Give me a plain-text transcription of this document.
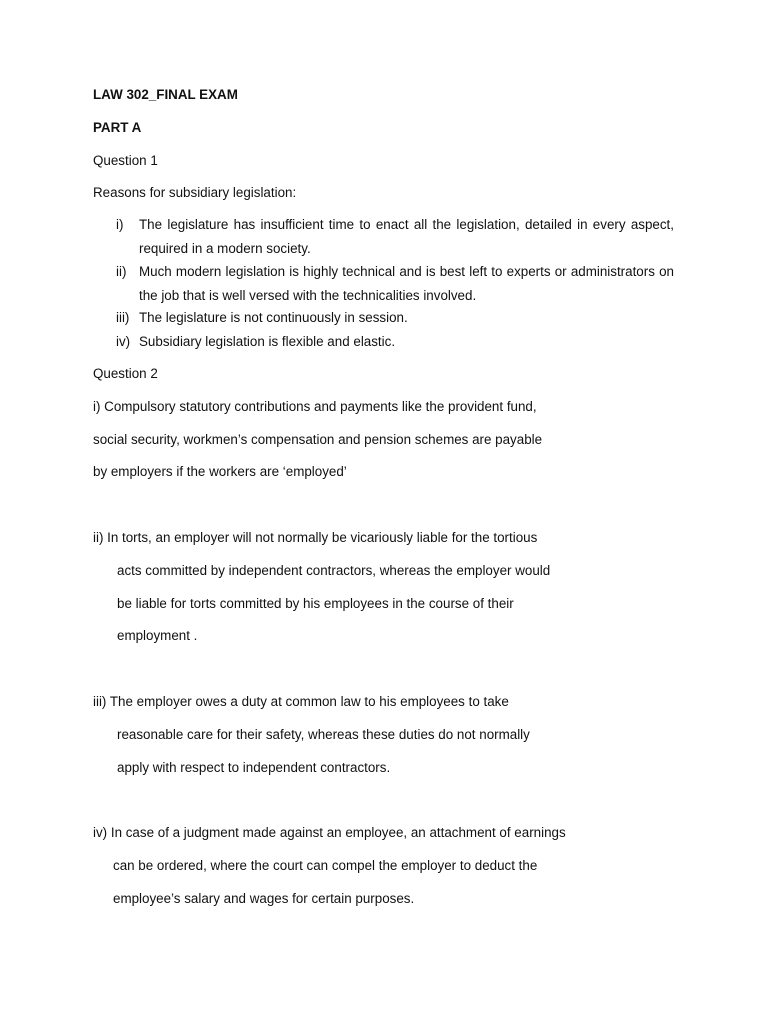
LAW 302_FINAL EXAM
PART A
Question 1
Reasons for subsidiary legislation:
i) The legislature has insufficient time to enact all the legislation, detailed in every aspect, required in a modern society.
ii) Much modern legislation is highly technical and is best left to experts or administrators on the job that is well versed with the technicalities involved.
iii) The legislature is not continuously in session.
iv) Subsidiary legislation is flexible and elastic.
Question 2
i) Compulsory statutory contributions and payments like the provident fund,
social security, workmen’s compensation and pension schemes are payable
by employers if the workers are ‘employed’
ii) In torts, an employer will not normally be vicariously liable for the tortious
acts committed by independent contractors, whereas the employer would
be liable for torts committed by his employees in the course of their
employment .
iii) The employer owes a duty at common law to his employees to take
reasonable care for their safety, whereas these duties do not normally
apply with respect to independent contractors.
iv) In case of a judgment made against an employee, an attachment of earnings
can be ordered, where the court can compel the employer to deduct the
employee’s salary and wages for certain purposes.
